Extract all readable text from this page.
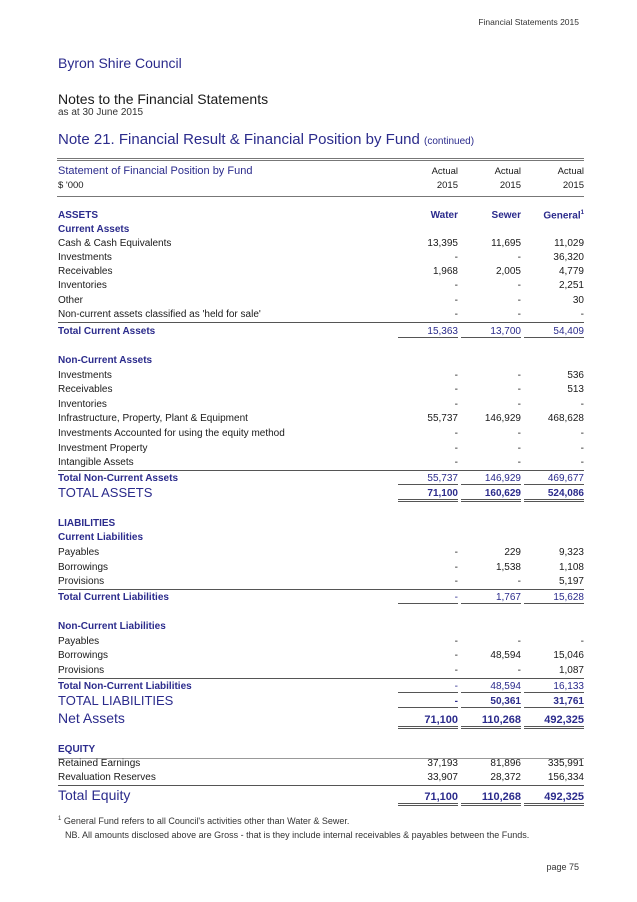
Financial Statements 2015
Byron Shire Council
Notes to the Financial Statements
as at 30 June 2015
Note 21. Financial Result & Financial Position by Fund (continued)
Statement of Financial Position by Fund
$ '000
Actual	Actual	Actual
2015	2015	2015
ASSETS	Water	Sewer	General$^1$
Current Assets
Cash & Cash Equivalents	13,395	11,695	11,029
Investments	-	-	36,320
Receivables	1,968	2,005	4,779
Inventories	-	-	2,251
Other	-	-	30
Non-current assets classified as 'held for sale'	-	-	-
Total Current Assets	15,363	13,700	54,409
Non-Current Assets
Investments	-	-	536
Receivables	-	-	513
Inventories	-	-	-
Infrastructure, Property, Plant & Equipment	55,737	146,929	468,628
Investments Accounted for using the equity method	-	-	-
Investment Property	-	-	-
Intangible Assets	-	-	-
Total Non-Current Assets	55,737	146,929	469,677
TOTAL ASSETS	71,100	160,629	524,086
LIABILITIES
Current Liabilities
Payables	-	229	9,323
Borrowings	-	1,538	1,108
Provisions	-	-	5,197
Total Current Liabilities	-	1,767	15,628
Non-Current Liabilities
Payables	-	-	-
Borrowings	-	48,594	15,046
Provisions	-	-	1,087
Total Non-Current Liabilities	-	48,594	16,133
TOTAL LIABILITIES	-	50,361	31,761
Net Assets	71,100	110,268	492,325
EQUITY
Retained Earnings	37,193	81,896	335,991
Revaluation Reserves	33,907	28,372	156,334
Total Equity	71,100	110,268	492,325
$^1$ General Fund refers to all Council's activities other than Water & Sewer.
NB. All amounts disclosed above are Gross - that is they include internal receivables & payables between the Funds.
page 75
